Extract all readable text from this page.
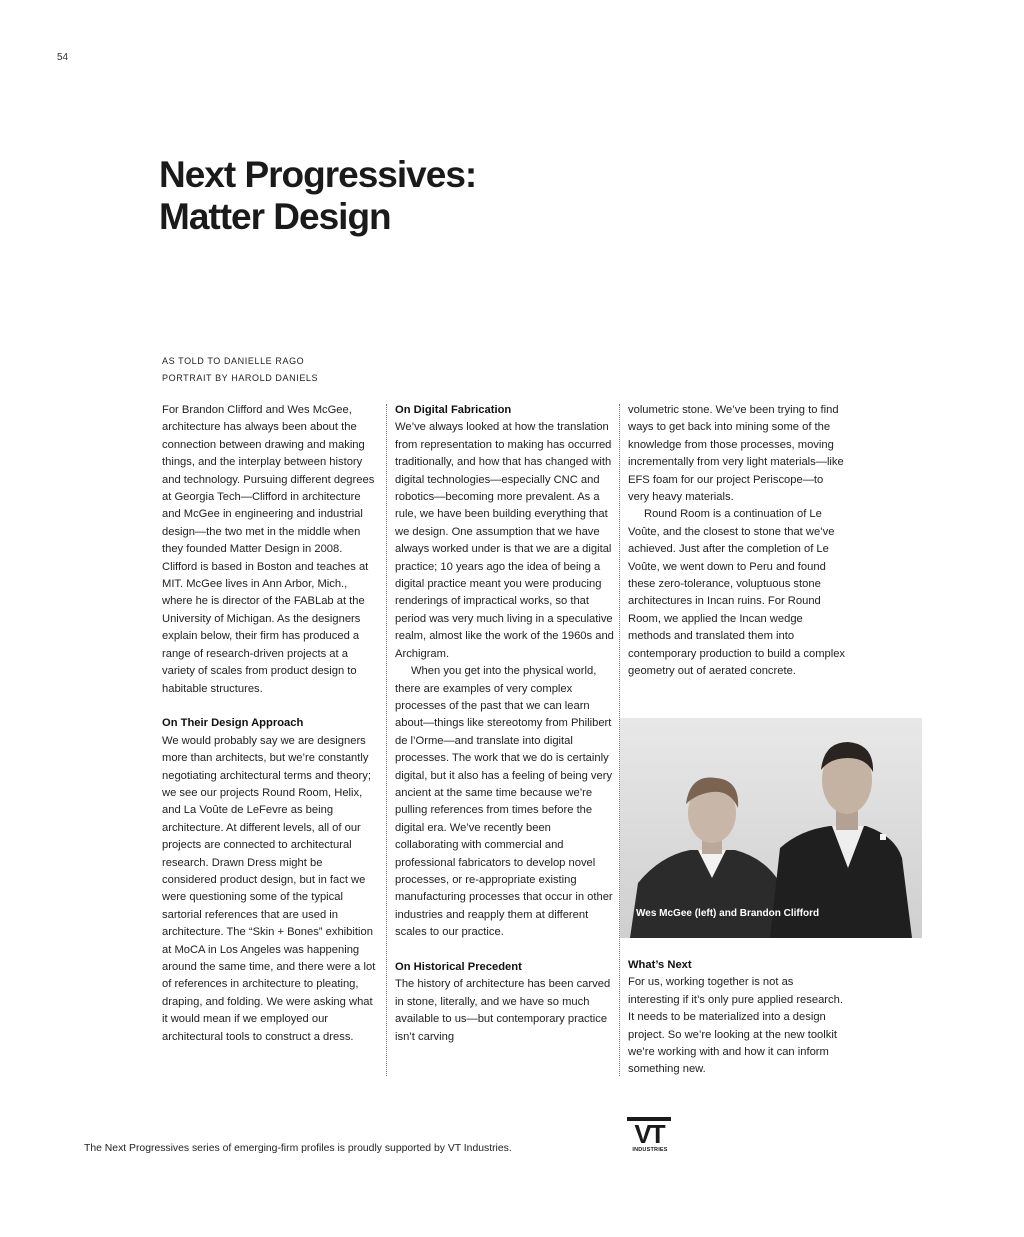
54
Next Progressives:
Matter Design
AS TOLD TO DANIELLE RAGO
PORTRAIT BY HAROLD DANIELS

For Brandon Clifford and Wes McGee, architecture has always been about the connection between drawing and making things, and the interplay between history and technology. Pursuing different degrees at Georgia Tech—Clifford in architecture and McGee in engineering and industrial design—the two met in the middle when they founded Matter Design in 2008. Clifford is based in Boston and teaches at MIT. McGee lives in Ann Arbor, Mich., where he is director of the FABLab at the University of Michigan. As the designers explain below, their firm has produced a range of research-driven projects at a variety of scales from product design to habitable structures.

On Their Design Approach

We would probably say we are designers more than architects, but we’re constantly negotiating architectural terms and theory; we see our projects Round Room, Helix, and La Voûte de LeFevre as being architecture. At different levels, all of our projects are connected to architectural research. Drawn Dress might be considered product design, but in fact we were questioning some of the typical sartorial references that are used in architecture. The “Skin + Bones” exhibition at MoCA in Los Angeles was happening around the same time, and there were a lot of references in architecture to pleating, draping, and folding. We were asking what it would mean if we employed our architectural tools to construct a dress.

On Digital Fabrication

We’ve always looked at how the translation from representation to making has occurred traditionally, and how that has changed with digital technologies—especially CNC and robotics—becoming more prevalent. As a rule, we have been building everything that we design. One assumption that we have always worked under is that we are a digital practice; 10 years ago the idea of being a digital practice meant you were producing renderings of impractical works, so that period was very much living in a speculative realm, almost like the work of the 1960s and Archigram.

When you get into the physical world, there are examples of very complex processes of the past that we can learn about—things like stereotomy from Philibert de l’Orme—and translate into digital processes. The work that we do is certainly digital, but it also has a feeling of being very ancient at the same time because we’re pulling references from times before the digital era. We’ve recently been collaborating with commercial and professional fabricators to develop novel processes, or re-appropriate existing manufacturing processes that occur in other industries and reapply them at different scales to our practice.

On Historical Precedent

The history of architecture has been carved in stone, literally, and we have so much available to us—but contemporary practice isn’t carving

volumetric stone. We’ve been trying to find ways to get back into mining some of the knowledge from those processes, moving incrementally from very light materials—like EFS foam for our project Periscope—to very heavy materials.

Round Room is a continuation of Le Voûte, and the closest to stone that we’ve achieved. Just after the completion of Le Voûte, we went down to Peru and found these zero-tolerance, voluptuous stone architectures in Incan ruins. For Round Room, we applied the Incan wedge methods and translated them into contemporary production to build a complex geometry out of aerated concrete.

Wes McGee (left) and Brandon Clifford
What’s Next

For us, working together is not as interesting if it’s only pure applied research. It needs to be materialized into a design project. So we’re looking at the new toolkit we’re working with and how it can inform something new.

The Next Progressives series of emerging-firm profiles is proudly supported by VT Industries.	VT
INDUSTRIES
